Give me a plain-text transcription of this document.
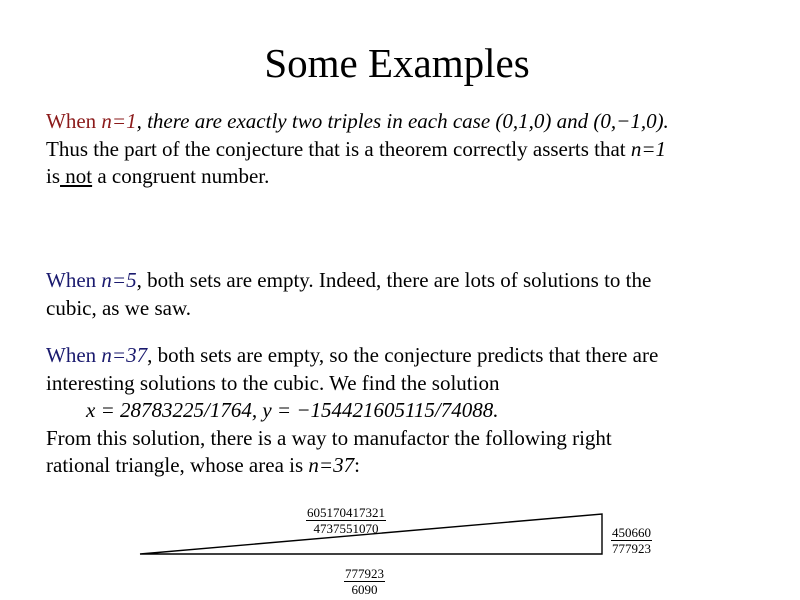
Some Examples
When n=1, there are exactly two triples in each case (0,1,0) and (0,−1,0).
Thus the part of the conjecture that is a theorem correctly asserts that n=1
is not a congruent number.
When n=5, both sets are empty. Indeed, there are lots of solutions to the
cubic, as we saw.
When n=37, both sets are empty, so the conjecture predicts that there are
interesting solutions to the cubic. We find the solution
x = 28783225/1764, y = −154421605115/74088.
From this solution, there is a way to manufactor the following right
rational triangle, whose area is n=37:
$\frac{605170417321}{4737551070}$
$\frac{450660}{777923}$
$\frac{777923}{6090}$
